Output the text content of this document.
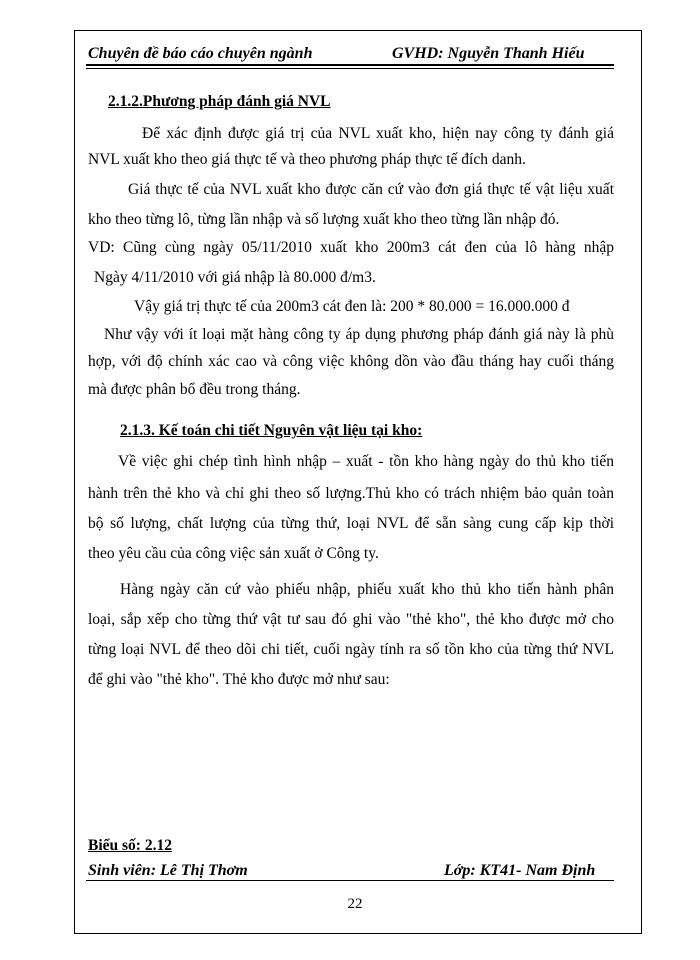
Chuyên đề báo cáo chuyên ngành	GVHD: Nguyễn Thanh Hiếu
2.1.2.Phương pháp đánh giá NVL
Để xác định được giá trị của NVL xuất kho, hiện nay công ty đánh giá
NVL xuất kho theo giá thực tế và theo phương pháp thực tế đích danh.
Giá thực tế của NVL xuất kho được căn cứ vào đơn giá thực tế vật liệu xuất
kho theo từng lô, từng lần nhập và số lượng xuất kho theo từng lần nhập đó.
VD: Cũng cùng ngày 05/11/2010 xuất kho 200m3 cát đen của lô hàng nhập
Ngày 4/11/2010 với giá nhập là 80.000 đ/m3.
Vậy giá trị thực tế của 200m3 cát đen là: 200 * 80.000 = 16.000.000 đ
Như vậy với ít loại mặt hàng công ty áp dụng phương pháp đánh giá này là phù
hợp, với độ chính xác cao và công việc không dồn vào đầu tháng hay cuối tháng
mà được phân bổ đều trong tháng.
2.1.3. Kế toán chi tiết Nguyên vật liệu tại kho:
Về việc ghi chép tình hình nhập – xuất - tồn kho hàng ngày do thủ kho tiến
hành trên thẻ kho và chỉ ghi theo số lượng.Thủ kho có trách nhiệm bảo quản toàn
bộ số lượng, chất lượng của từng thứ, loại NVL để sẵn sàng cung cấp kịp thời
theo yêu cầu của công việc sản xuất ở Công ty.
Hàng ngày căn cứ vào phiếu nhập, phiếu xuất kho thủ kho tiến hành phân
loại, sắp xếp cho từng thứ vật tư sau đó ghi vào "thẻ kho", thẻ kho được mở cho
từng loại NVL để theo dõi chi tiết, cuối ngày tính ra số tồn kho của từng thứ NVL
để ghi vào "thẻ kho". Thẻ kho được mở như sau:
Biểu số: 2.12
Sinh viên: Lê Thị Thơm	Lớp: KT41- Nam Định
22
